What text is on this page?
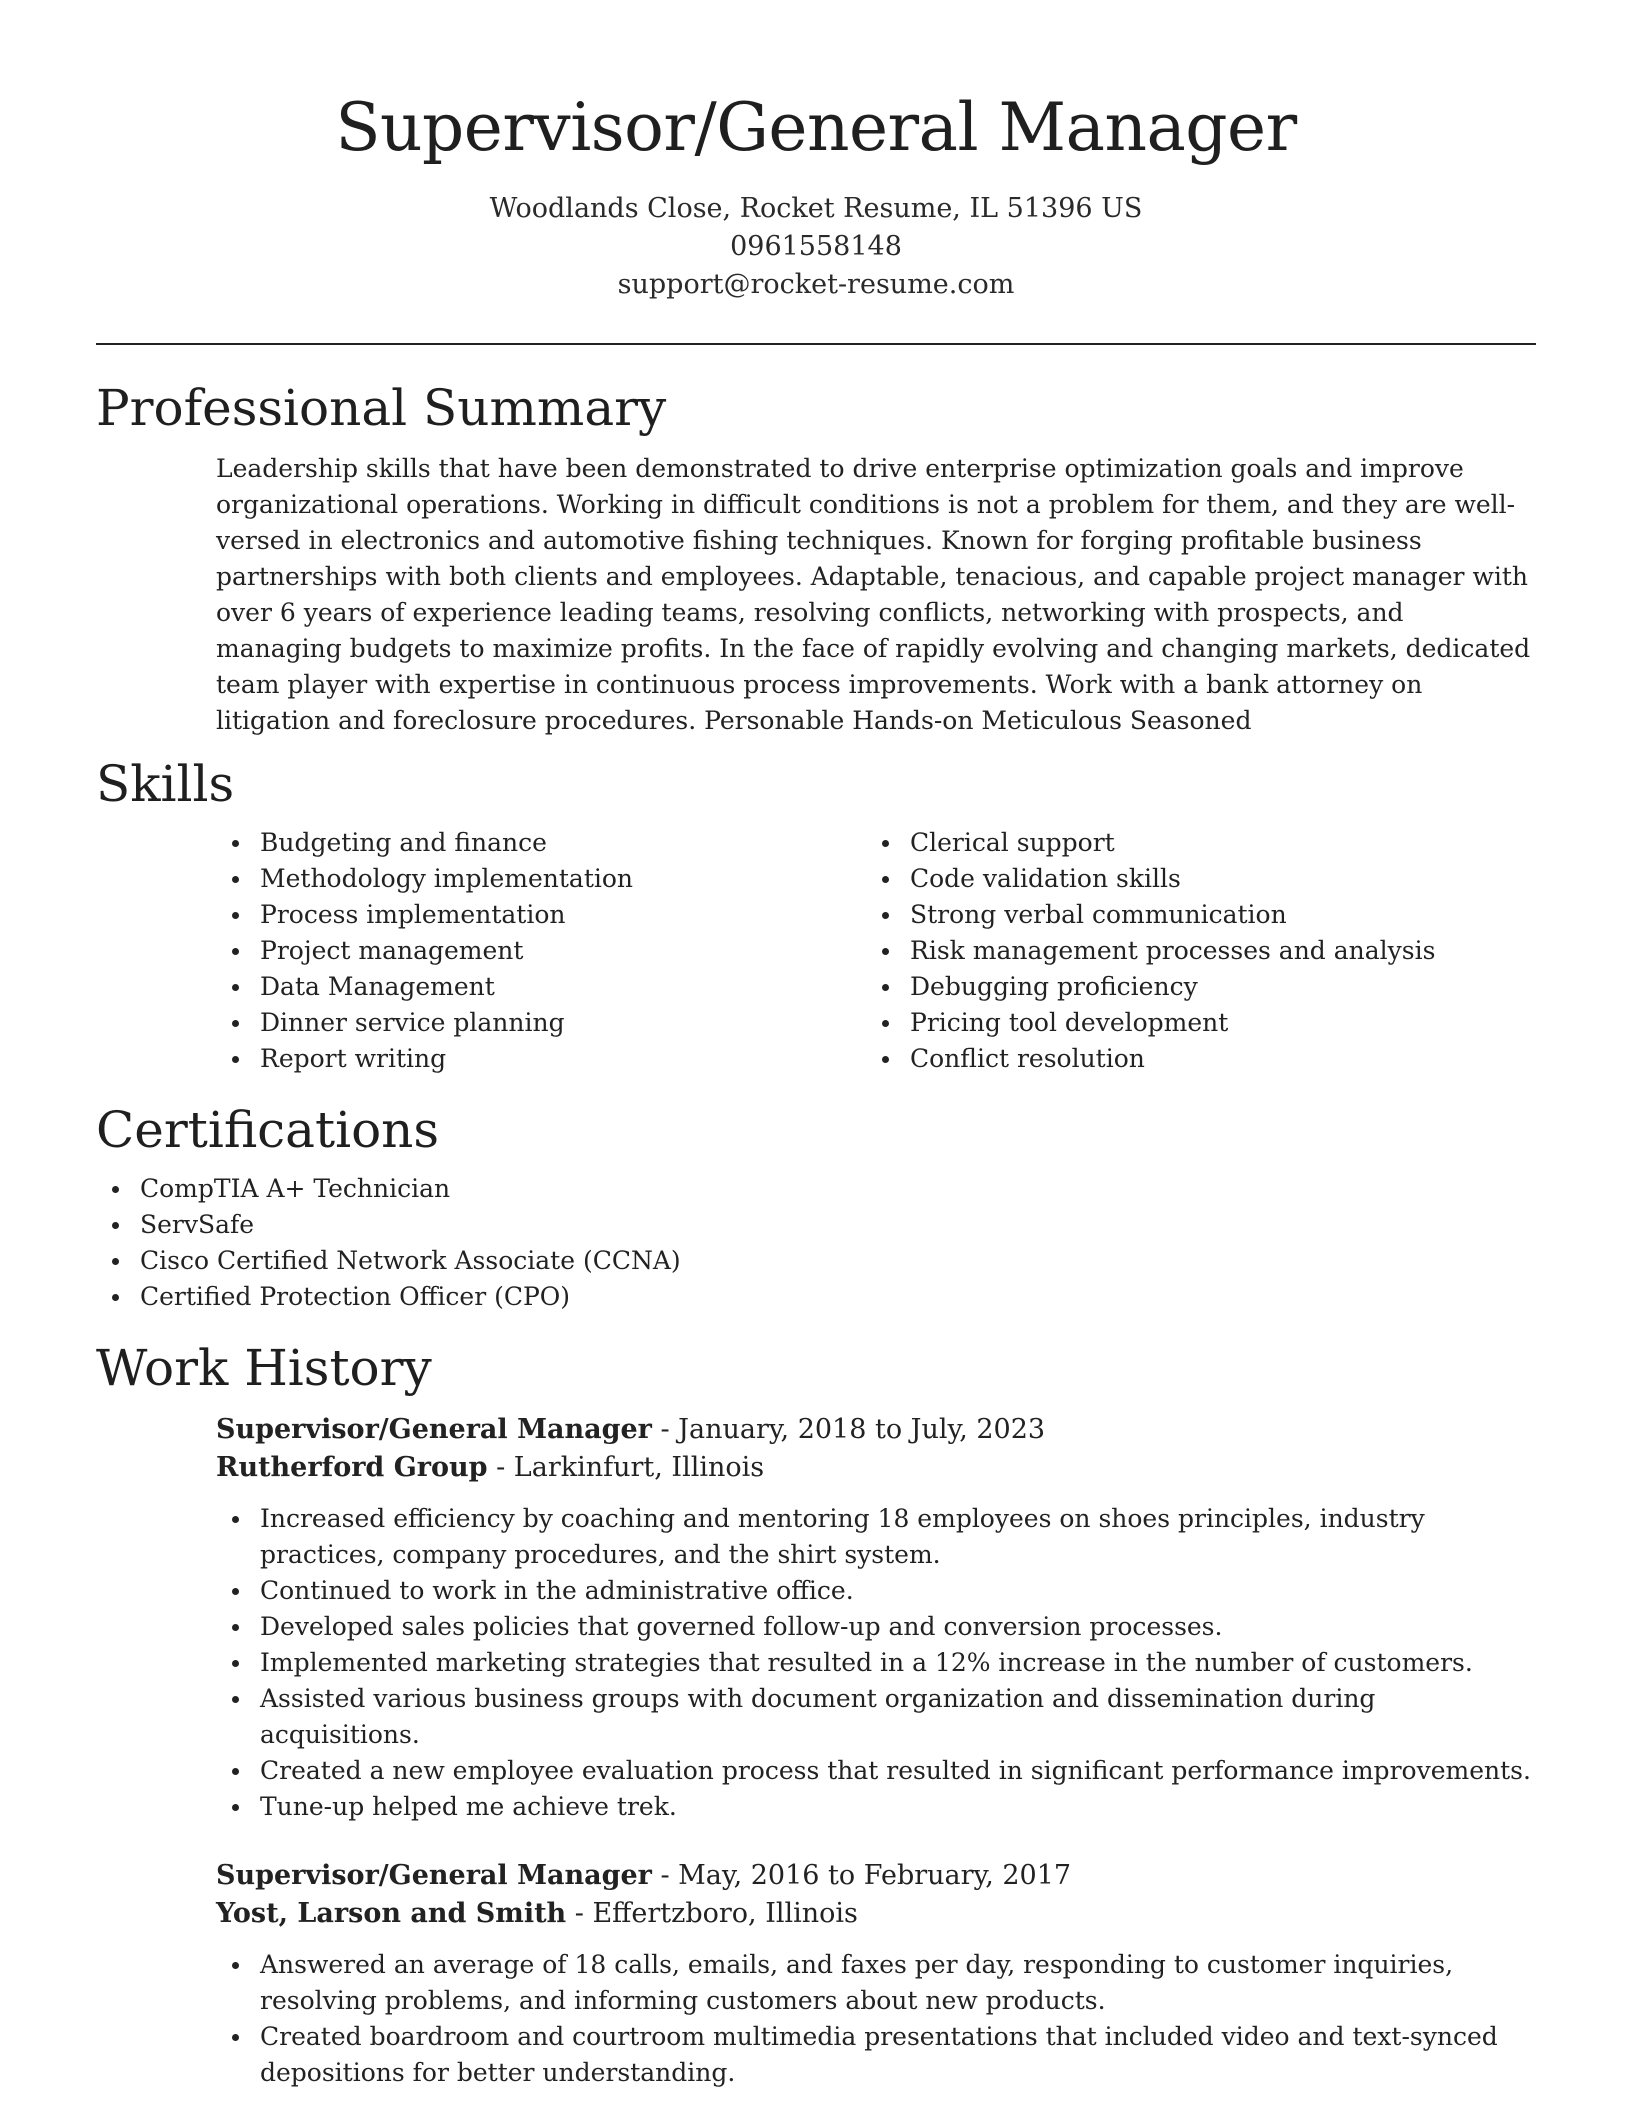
Supervisor/General Manager
Woodlands Close, Rocket Resume, IL 51396 US
0961558148
support@rocket-resume.com
Professional Summary

Leadership skills that have been demonstrated to drive enterprise optimization goals and improve organizational operations. Working in difficult conditions is not a problem for them, and they are well-versed in electronics and automotive fishing techniques. Known for forging profitable business partnerships with both clients and employees. Adaptable, tenacious, and capable project manager with over 6 years of experience leading teams, resolving conflicts, networking with prospects, and managing budgets to maximize profits. In the face of rapidly evolving and changing markets, dedicated team player with expertise in continuous process improvements. Work with a bank attorney on litigation and foreclosure procedures. Personable Hands-on Meticulous Seasoned

Skills
Budgeting and finance
Methodology implementation
Process implementation
Project management
Data Management
Dinner service planning
Report writing
Clerical support
Code validation skills
Strong verbal communication
Risk management processes and analysis
Debugging proficiency
Pricing tool development
Conflict resolution
Certifications
CompTIA A+ Technician
ServSafe
Cisco Certified Network Associate (CCNA)
Certified Protection Officer (CPO)
Work History
Supervisor/General Manager - January, 2018 to July, 2023
Rutherford Group - Larkinfurt, Illinois
Increased efficiency by coaching and mentoring 18 employees on shoes principles, industry practices, company procedures, and the shirt system.
Continued to work in the administrative office.
Developed sales policies that governed follow-up and conversion processes.
Implemented marketing strategies that resulted in a 12% increase in the number of customers.
Assisted various business groups with document organization and dissemination during acquisitions.
Created a new employee evaluation process that resulted in significant performance improvements.
Tune-up helped me achieve trek.
Supervisor/General Manager - May, 2016 to February, 2017
Yost, Larson and Smith - Effertzboro, Illinois
Answered an average of 18 calls, emails, and faxes per day, responding to customer inquiries, resolving problems, and informing customers about new products.
Created boardroom and courtroom multimedia presentations that included video and text-synced depositions for better understanding.
